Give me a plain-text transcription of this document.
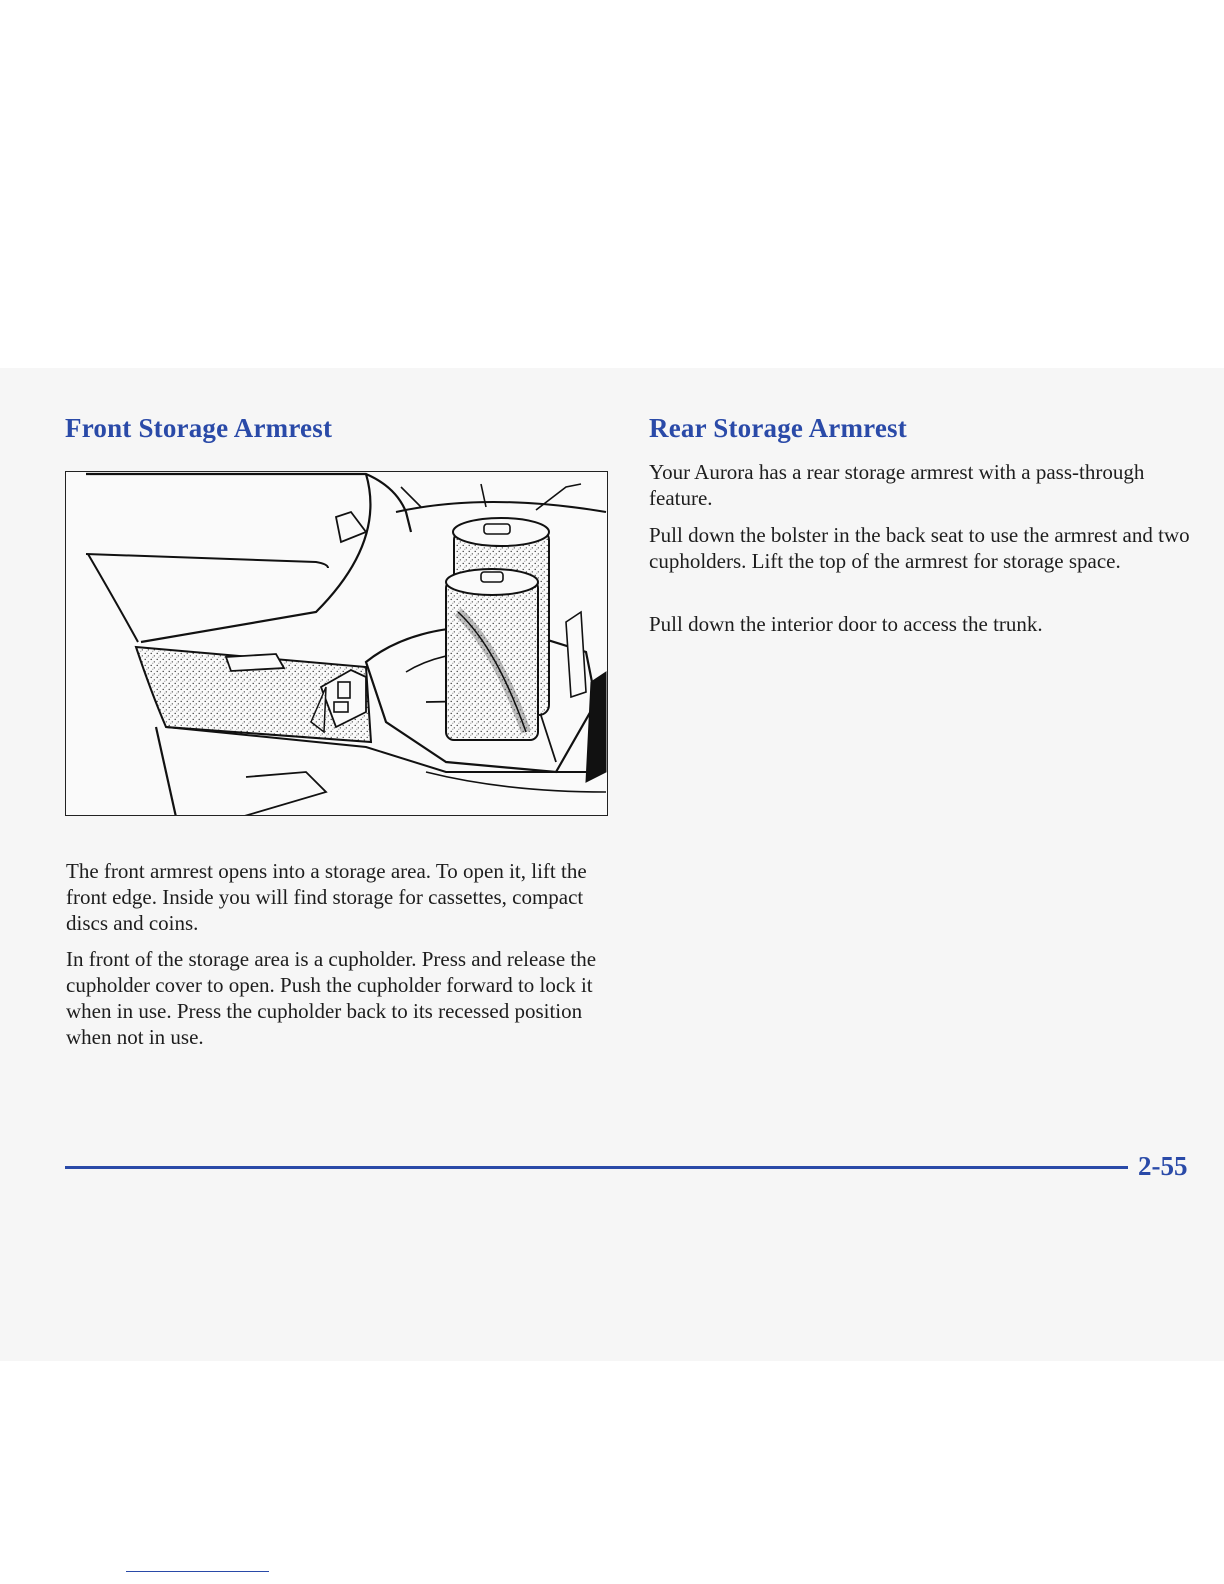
Front Storage Armrest	Rear Storage Armrest

The front armrest opens into a storage area. To open it, lift the front edge. Inside you will find storage for cassettes, compact discs and coins.

In front of the storage area is a cupholder. Press and release the cupholder cover to open. Push the cupholder forward to lock it when in use. Press the cupholder back to its recessed position when not in use.

Your Aurora has a rear storage armrest with a pass-through feature.

Pull down the bolster in the back seat to use the armrest and two cupholders. Lift the top of the armrest for storage space.

Pull down the interior door to access the trunk.

2-55
